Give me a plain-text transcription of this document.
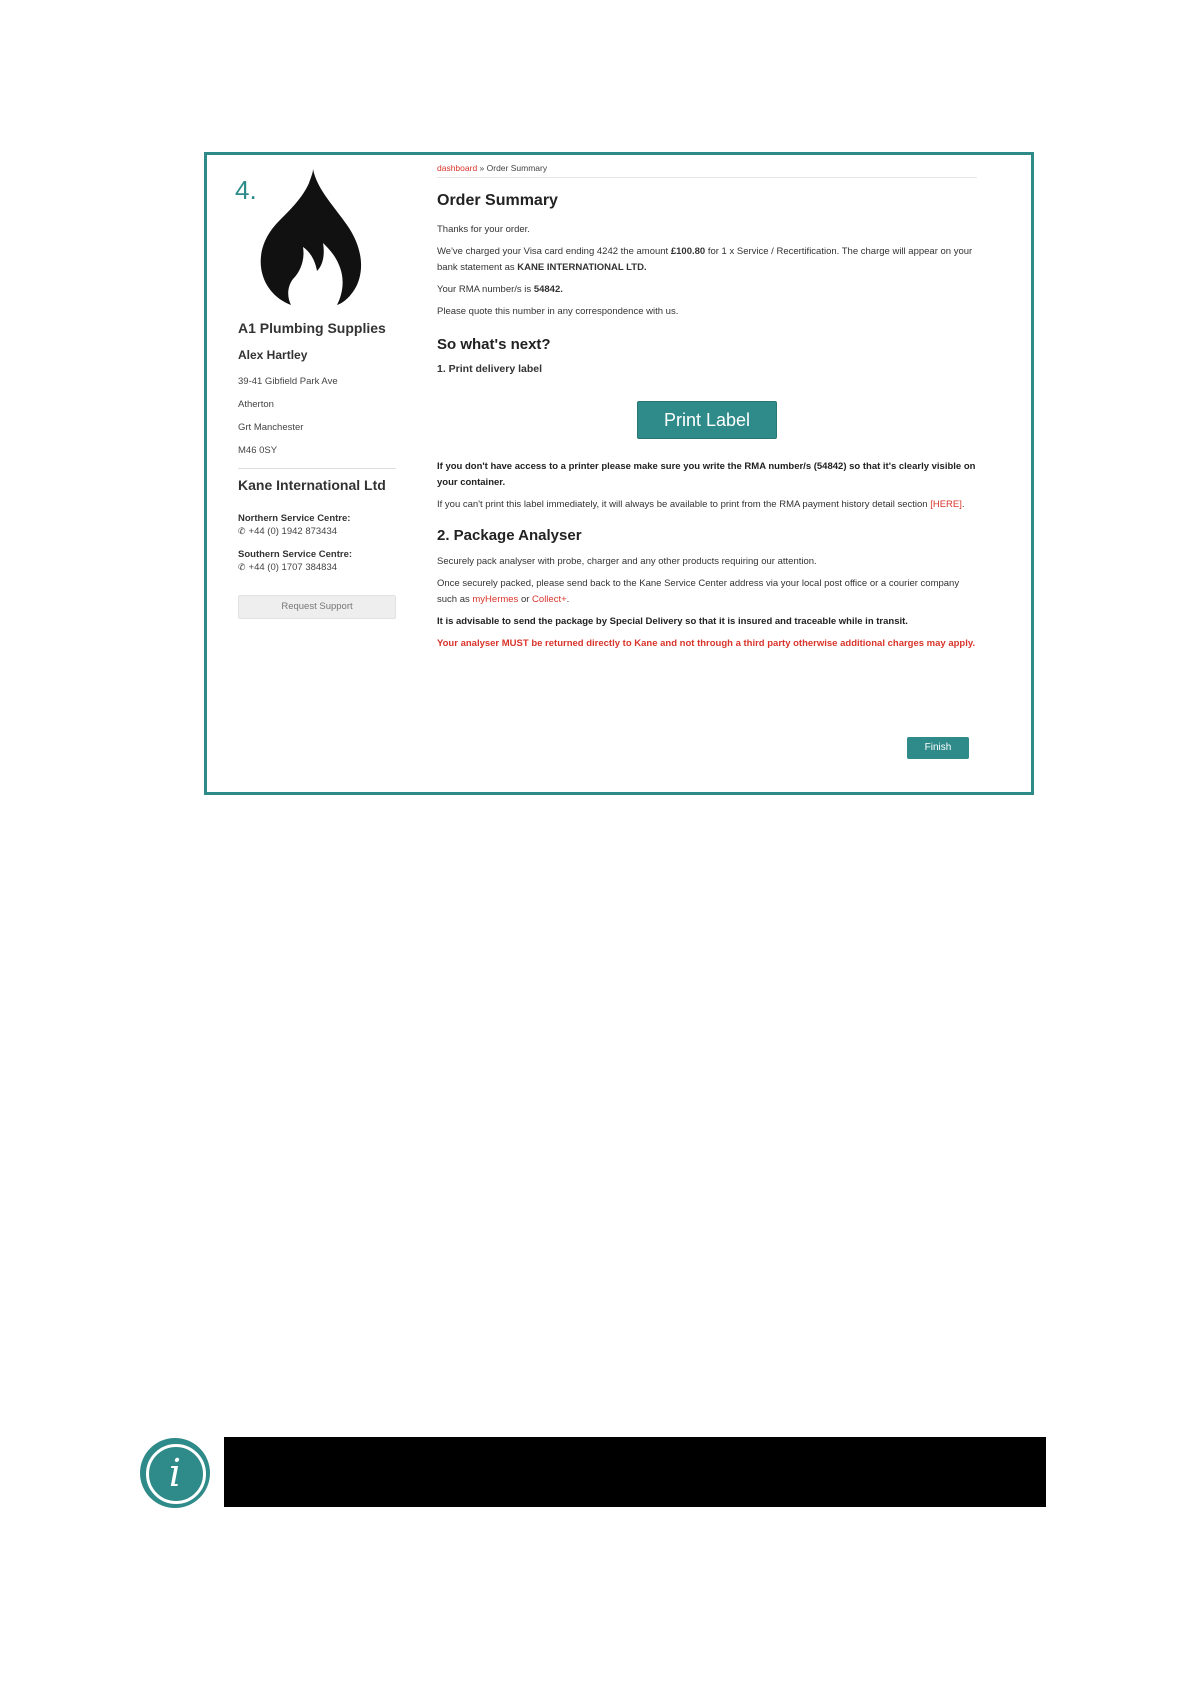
4.
A1 Plumbing Supplies
Alex Hartley
39-41 Gibfield Park Ave
Atherton
Grt Manchester
M46 0SY
Kane International Ltd
Northern Service Centre:
✆ +44 (0) 1942 873434
Southern Service Centre:
✆ +44 (0) 1707 384834
Request Support
dashboard » Order Summary
Order Summary

Thanks for your order.

We've charged your Visa card ending 4242 the amount £100.80 for 1 x Service / Recertification. The charge will appear on your bank statement as KANE INTERNATIONAL LTD.

Your RMA number/s is 54842.

Please quote this number in any correspondence with us.

So what's next?
1. Print delivery label
Print Label

If you don't have access to a printer please make sure you write the RMA number/s (54842) so that it's clearly visible on your container.

If you can't print this label immediately, it will always be available to print from the RMA payment history detail section [HERE].

2. Package Analyser

Securely pack analyser with probe, charger and any other products requiring our attention.

Once securely packed, please send back to the Kane Service Center address via your local post office or a courier company such as myHermes or Collect+.

It is advisable to send the package by Special Delivery so that it is insured and traceable while in transit.

Your analyser MUST be returned directly to Kane and not through a third party otherwise additional charges may apply.

Finish
i
